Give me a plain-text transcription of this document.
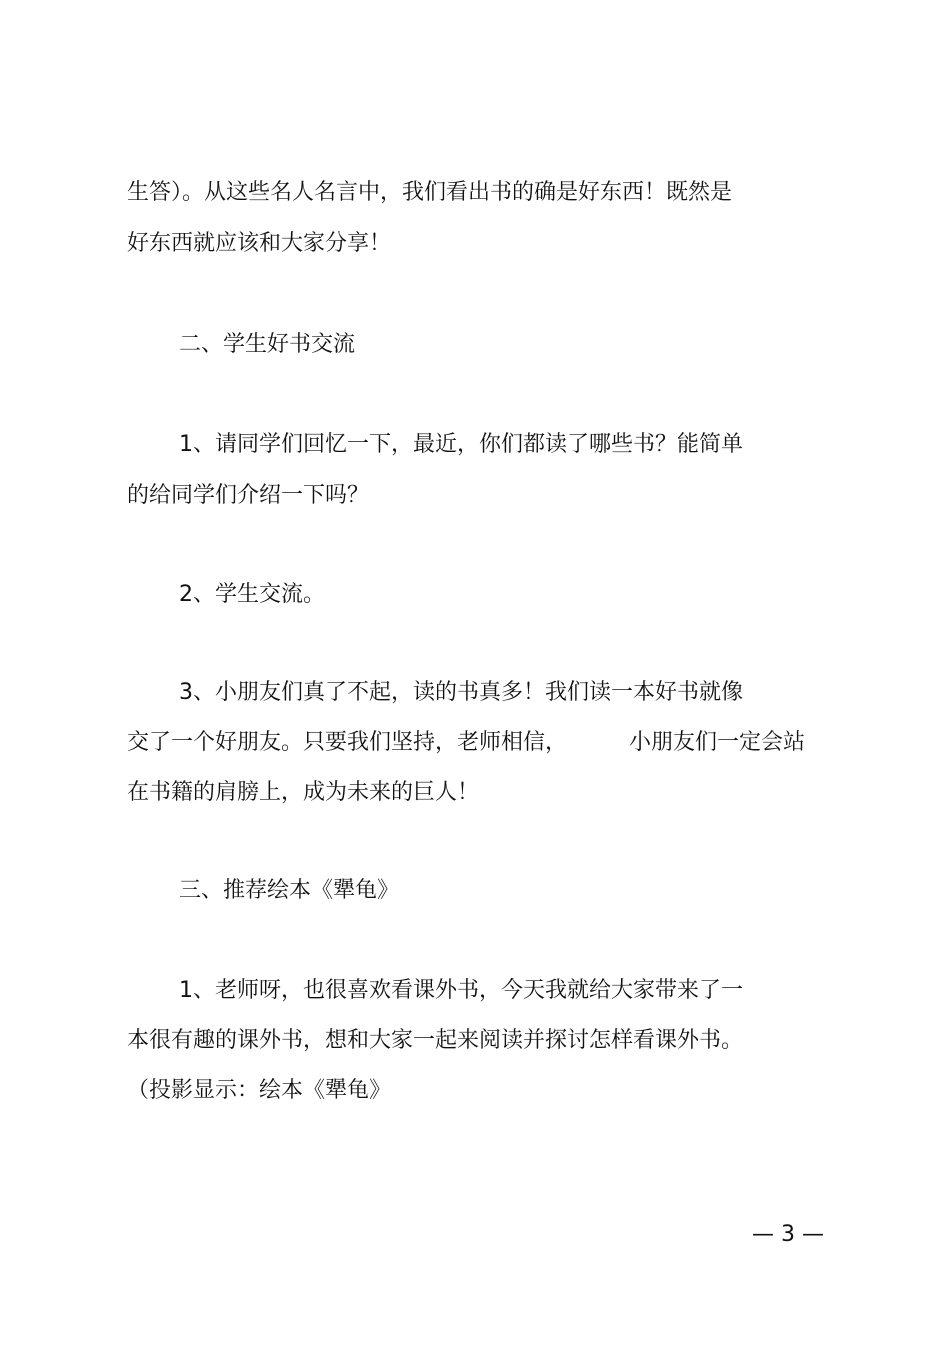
生答）。从这些名人名言中，我们看出书的确是好东西！既然是

好东西就应该和大家分享！

二、学生好书交流

1、请同学们回忆一下，最近，你们都读了哪些书？能简单

的给同学们介绍一下吗？

2、学生交流。

3、小朋友们真了不起，读的书真多！我们读一本好书就像

交了一个好朋友。只要我们坚持，老师相信，	小朋友们一定会站

在书籍的肩膀上，成为未来的巨人！

三、推荐绘本《犟龟》

1、老师呀，也很喜欢看课外书，今天我就给大家带来了一

本很有趣的课外书，想和大家一起来阅读并探讨怎样看课外书。

（投影显示：绘本《犟龟》

— 3 —
